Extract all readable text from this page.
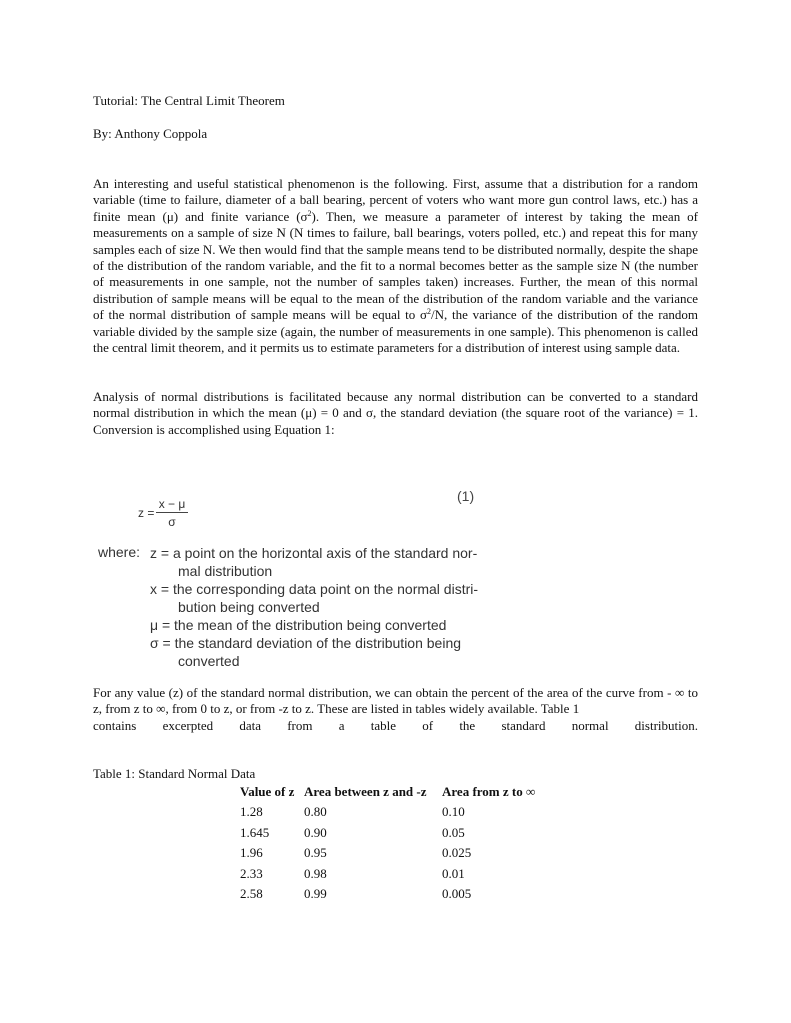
Tutorial: The Central Limit Theorem
By: Anthony Coppola

An interesting and useful statistical phenomenon is the following. First, assume that a distribution for a random variable (time to failure, diameter of a ball bearing, percent of voters who want more gun control laws, etc.) has a finite mean (μ) and finite variance $(\sigma^2)$. Then, we measure a parameter of interest by taking the mean of measurements on a sample of size N (N times to failure, ball bearings, voters polled, etc.) and repeat this for many samples each of size N. We then would find that the sample means tend to be distributed normally, despite the shape of the distribution of the random variable, and the fit to a normal becomes better as the sample size N (the number of measurements in one sample, not the number of samples taken) increases. Further, the mean of this normal distribution of sample means will be equal to the mean of the distribution of the random variable and the variance of the normal distribution of sample means will be equal to $\sigma^2/N$, the variance of the distribution of the random variable divided by the sample size (again, the number of measurements in one sample). This phenomenon is called the central limit theorem, and it permits us to estimate parameters for a distribution of interest using sample data.

Analysis of normal distributions is facilitated because any normal distribution can be converted to a standard normal distribution in which the mean (μ) = 0 and σ, the standard deviation (the square root of the variance) = 1. Conversion is accomplished using Equation 1:

$z = \frac{x - \mu}{\sigma}$
(1)
where: z = a point on the horizontal axis of the standard nor-
mal distribution
x = the corresponding data point on the normal distri-
bution being converted
μ = the mean of the distribution being converted
σ = the standard deviation of the distribution being
converted

For any value (z) of the standard normal distribution, we can obtain the percent of the area of the curve from - ∞ to z, from z to ∞, from 0 to z, or from -z to z. These are listed in tables widely available. Table 1
contains excerpted data from a table of the standard normal distribution.

Table 1: Standard Normal Data
Value of z	Area between z and -z	Area from z to ∞
1.28	0.80	0.10
1.645	0.90	0.05
1.96	0.95	0.025
2.33	0.98	0.01
2.58	0.99	0.005
